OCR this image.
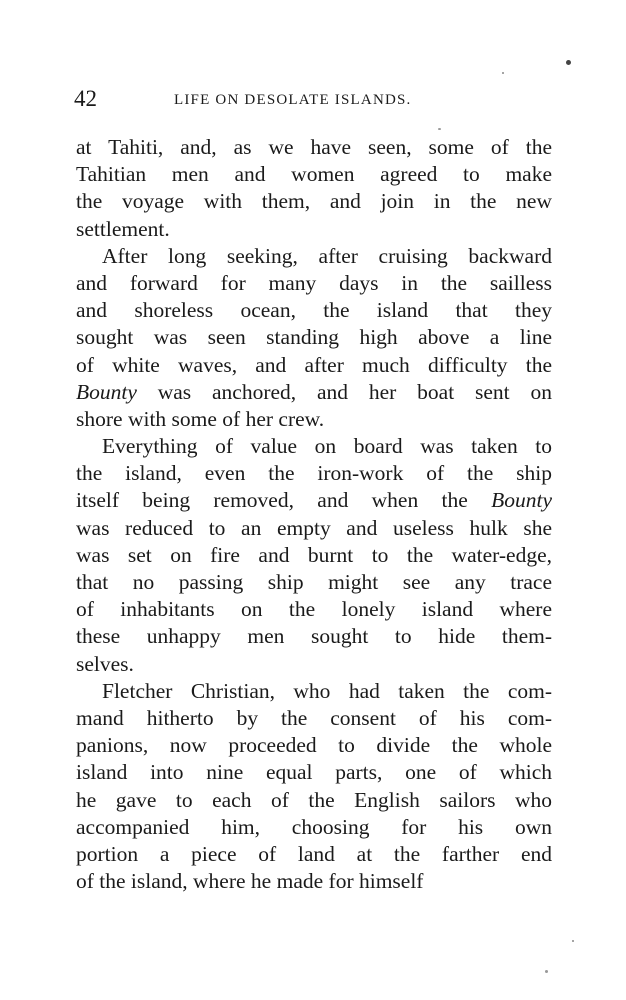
42	LIFE ON DESOLATE ISLANDS.
at Tahiti, and, as we have seen, some of the
Tahitian men and women agreed to make
the voyage with them, and join in the new
settlement.
After long seeking, after cruising backward
and forward for many days in the sailless
and shoreless ocean, the island that they
sought was seen standing high above a line
of white waves, and after much difficulty the
Bounty was anchored, and her boat sent on
shore with some of her crew.
Everything of value on board was taken to
the island, even the iron-work of the ship
itself being removed, and when the Bounty
was reduced to an empty and useless hulk she
was set on fire and burnt to the water-edge,
that no passing ship might see any trace
of inhabitants on the lonely island where
these unhappy men sought to hide them-
selves.
Fletcher Christian, who had taken the com-
mand hitherto by the consent of his com-
panions, now proceeded to divide the whole
island into nine equal parts, one of which
he gave to each of the English sailors who
accompanied him, choosing for his own
portion a piece of land at the farther end
of the island, where he made for himself
